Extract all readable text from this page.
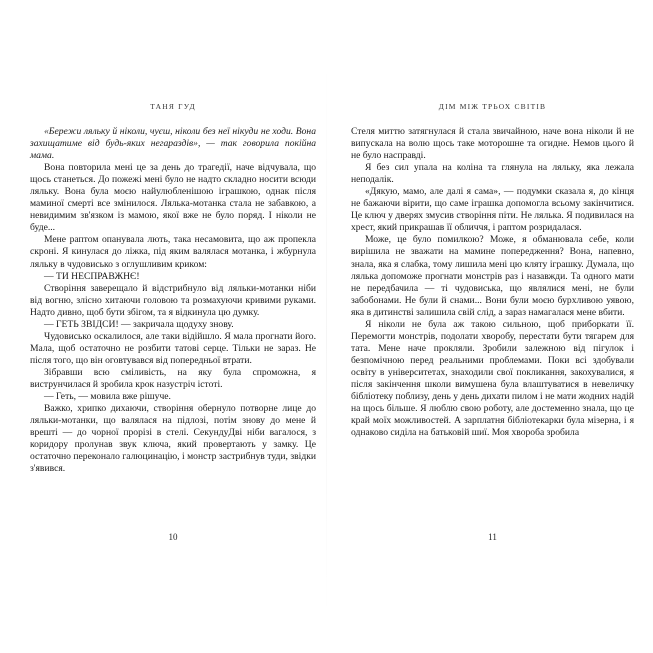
ТАНЯ ГУД

«Бережи ляльку й ніколи, чуєш, ніколи без неї нікуди не ходи. Вона захищатиме від будь-яких негараздів», — так говорила покійна мама.

Вона повторила мені це за день до трагедії, наче відчувала, що щось станеться. До пожежі мені було не надто складно носити всюди ляльку. Вона була моєю найулюбленішою іграшкою, однак після маминої смерті все змінилося. Лялька-мотанка стала не забавкою, а невидимим зв'язком із мамою, якої вже не було поряд. І ніколи не буде...

Мене раптом опанувала лють, така несамовита, що аж пропекла скроні. Я кинулася до ліжка, під яким валялася мотанка, і жбурнула ляльку в чудовисько з оглушливим криком:

— ТИ НЕСПРАВЖНЄ!

Створіння заверещало й відстрибнуло від ляльки-мотанки ніби від вогню, злісно хитаючи головою та розмахуючи кривими руками. Надто дивно, щоб бути збігом, та я відкинула цю думку.

— ГЕТЬ ЗВІДСИ! — закричала щодуху знову.

Чудовисько оскалилося, але таки відійшло. Я мала прогнати його. Мала, щоб остаточно не розбити татові серце. Тільки не зараз. Не після того, що він оговтувався від попередньої втрати.

Зібравши всю сміливість, на яку була спроможна, я виструнчилася й зробила крок назустріч істоті.

— Геть, — мовила вже рішуче.

Важко, хрипко дихаючи, створіння обернуло потворне лице до ляльки-мотанки, що валялася на підлозі, потім знову до мене й врешті — до чорної прорізі в стелі. СекундуДві ніби вагалося, з коридору пролунав звук ключа, який провертають у замку. Це остаточно переконало галюцинацію, і монстр застрибнув туди, звідки з'явився.

10
ДІМ МІЖ ТРЬОХ СВІТІВ

Стеля миттю затягнулася й стала звичайною, наче вона ніколи й не випускала на волю щось таке моторошне та огидне. Немов цього й не було насправді.

Я без сил упала на коліна та глянула на ляльку, яка лежала неподалік.

«Дякую, мамо, але далі я сама», — подумки сказала я, до кінця не бажаючи вірити, що саме іграшка допомогла всьому закінчитися. Це ключ у дверях змусив створіння піти. Не лялька. Я подивилася на хрест, який прикрашав її обличчя, і раптом розридалася.

Може, це було помилкою? Може, я обманювала себе, коли вирішила не зважати на мамине попередження? Вона, напевно, знала, яка я слабка, тому лишила мені цю кляту іграшку. Думала, що лялька допоможе прогнати монстрів раз і назавжди. Та одного мати не передбачила — ті чудовиська, що являлися мені, не були забобонами. Не були й снами... Вони були моєю бурхливою уявою, яка в дитинстві залишила свій слід, а зараз намагалася мене вбити.

Я ніколи не була аж такою сильною, щоб приборкати її. Перемогти монстрів, подолати хворобу, перестати бути тягарем для тата. Мене наче прокляли. Зробили залежною від пігулок і безпомічною перед реальними проблемами. Поки всі здобували освіту в університетах, знаходили свої покликання, закохувалися, я після закінчення школи вимушена була влаштуватися в невеличку бібліотеку поблизу, день у день дихати пилом і не мати жодних надій на щось більше. Я люблю свою роботу, але достеменно знала, що це край моїх можливостей. А зарплатня бібліотекарки була мізерна, і я однаково сиділа на батьковій шиї. Моя хвороба зробила

11
